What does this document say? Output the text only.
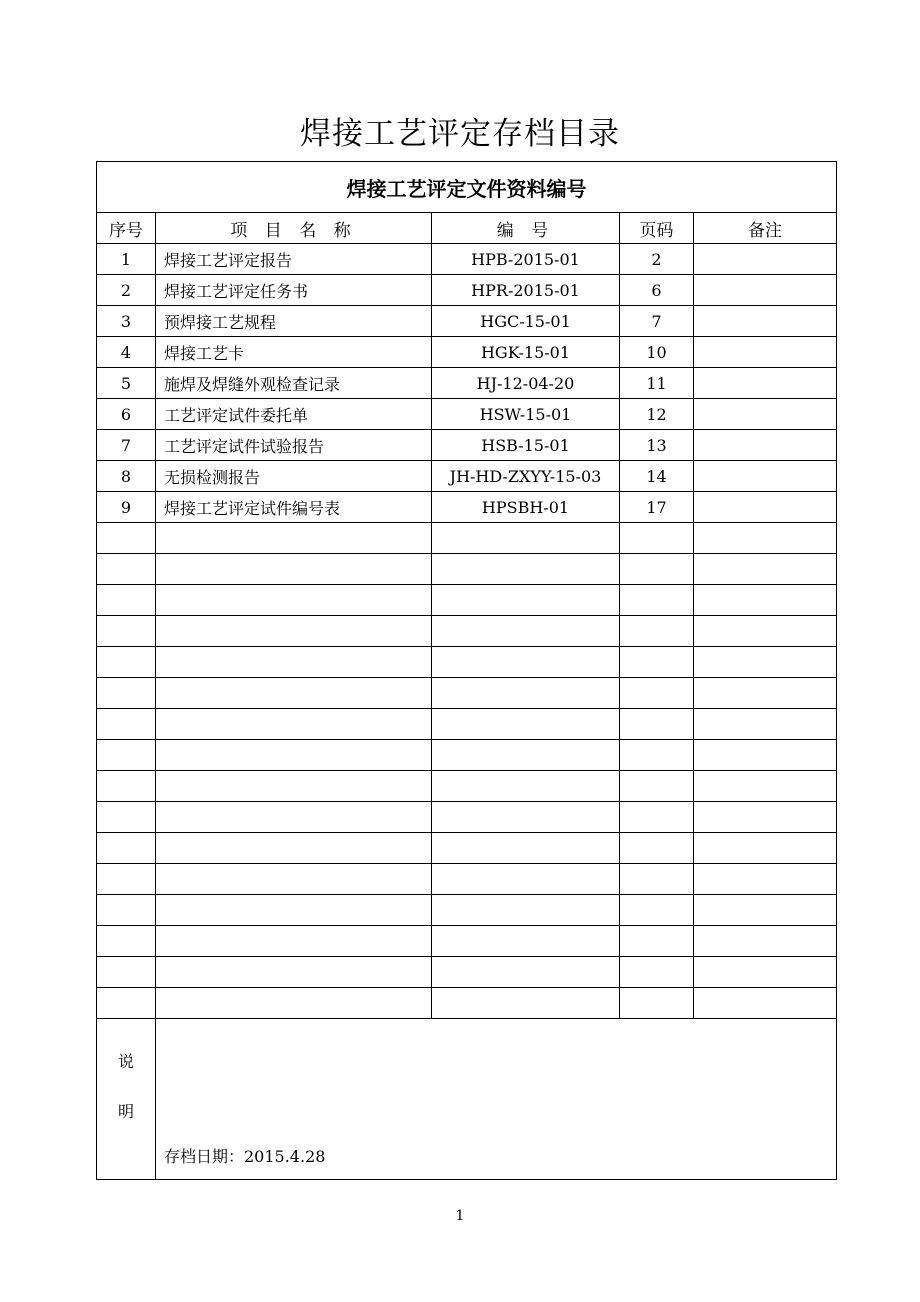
焊接工艺评定存档目录
焊接工艺评定文件资料编号				
序号	项 目 名 称	编 号	页码	备注
1	焊接工艺评定报告	HPB-2015-01	2	
2	焊接工艺评定任务书	HPR-2015-01	6	
3	预焊接工艺规程	HGC-15-01	7	
4	焊接工艺卡	HGK-15-01	10	
5	施焊及焊缝外观检查记录	HJ-12-04-20	11	
6	工艺评定试件委托单	HSW-15-01	12	
7	工艺评定试件试验报告	HSB-15-01	13	
8	无损检测报告	JH-HD-ZXYY-15-03	14	
9	焊接工艺评定试件编号表	HPSBH-01	17	

说
明	存档日期：2015.4.28			
1
